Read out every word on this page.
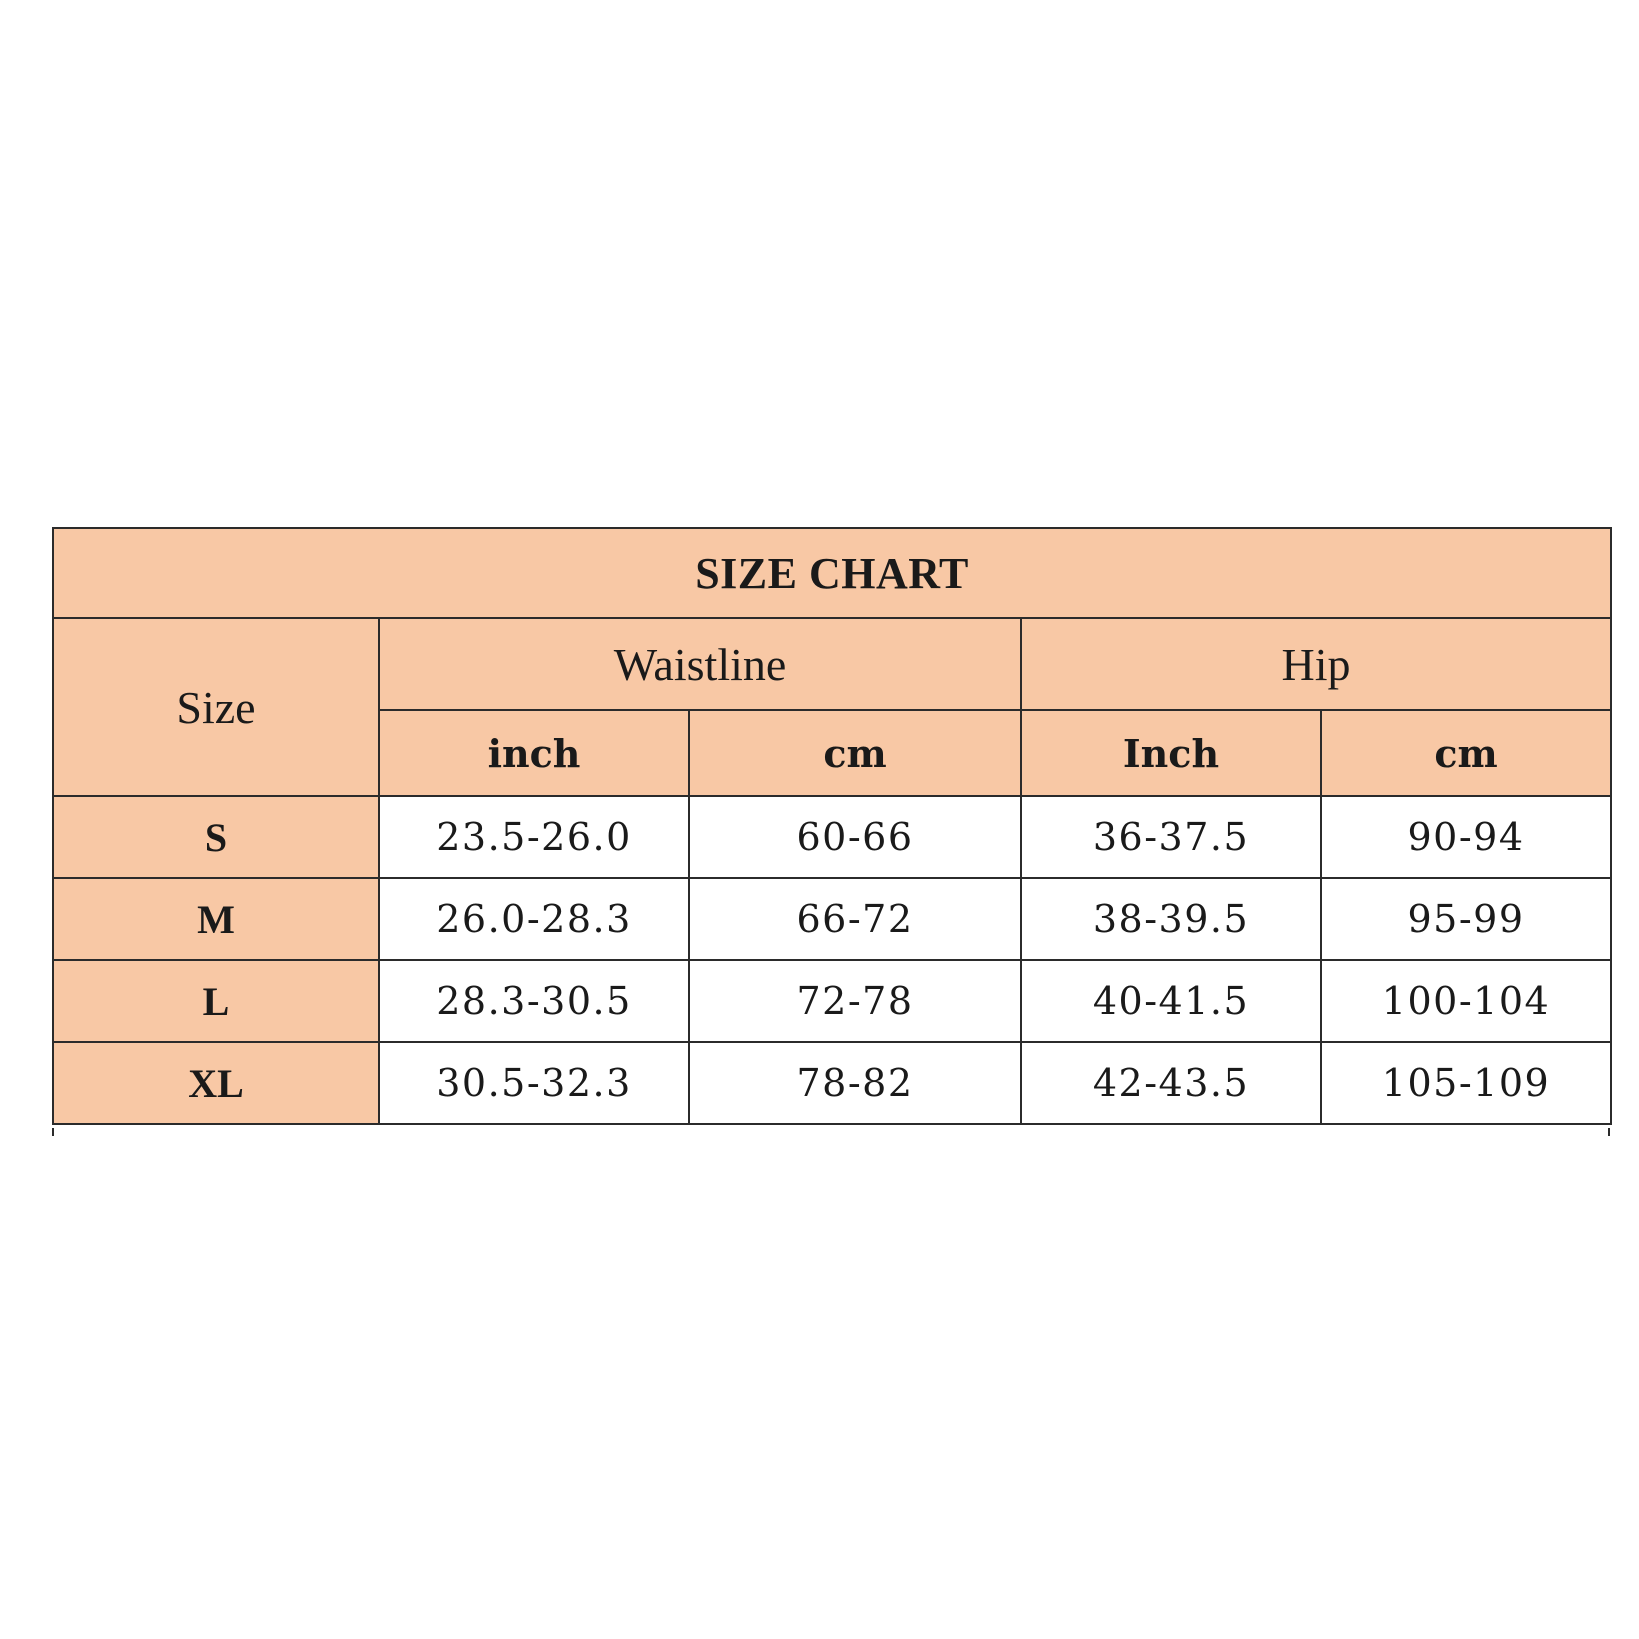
SIZE CHART				
Size	Waistline		Hip	
	inch	cm	Inch	cm
S	23.5-26.0	60-66	36-37.5	90-94
M	26.0-28.3	66-72	38-39.5	95-99
L	28.3-30.5	72-78	40-41.5	100-104
XL	30.5-32.3	78-82	42-43.5	105-109
